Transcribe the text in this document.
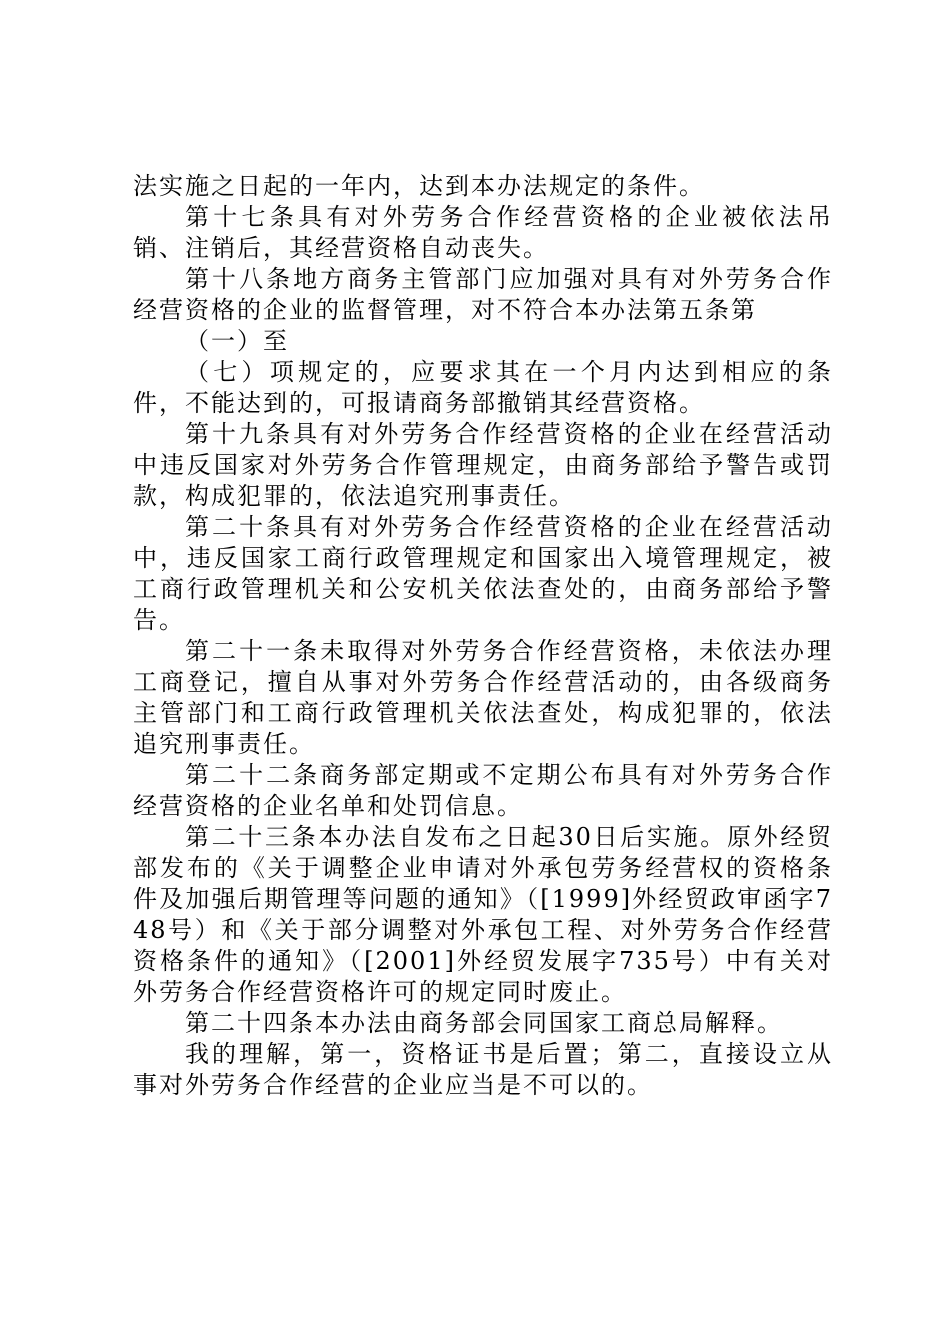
法实施之日起的一年内，达到本办法规定的条件。

第十七条具有对外劳务合作经营资格的企业被依法吊销、注销后，其经营资格自动丧失。

第十八条地方商务主管部门应加强对具有对外劳务合作经营资格的企业的监督管理，对不符合本办法第五条第

（一）至

（七）项规定的，应要求其在一个月内达到相应的条件，不能达到的，可报请商务部撤销其经营资格。

第十九条具有对外劳务合作经营资格的企业在经营活动中违反国家对外劳务合作管理规定，由商务部给予警告或罚款，构成犯罪的，依法追究刑事责任。

第二十条具有对外劳务合作经营资格的企业在经营活动中，违反国家工商行政管理规定和国家出入境管理规定，被工商行政管理机关和公安机关依法查处的，由商务部给予警告。

第二十一条未取得对外劳务合作经营资格，未依法办理工商登记，擅自从事对外劳务合作经营活动的，由各级商务主管部门和工商行政管理机关依法查处，构成犯罪的，依法追究刑事责任。

第二十二条商务部定期或不定期公布具有对外劳务合作经营资格的企业名单和处罚信息。

第二十三条本办法自发布之日起30日后实施。原外经贸部发布的《关于调整企业申请对外承包劳务经营权的资格条件及加强后期管理等问题的通知》（[1999]外经贸政审函字748号）和《关于部分调整对外承包工程、对外劳务合作经营资格条件的通知》（[2001]外经贸发展字735号）中有关对外劳务合作经营资格许可的规定同时废止。

第二十四条本办法由商务部会同国家工商总局解释。

我的理解，第一，资格证书是后置；第二，直接设立从事对外劳务合作经营的企业应当是不可以的。
